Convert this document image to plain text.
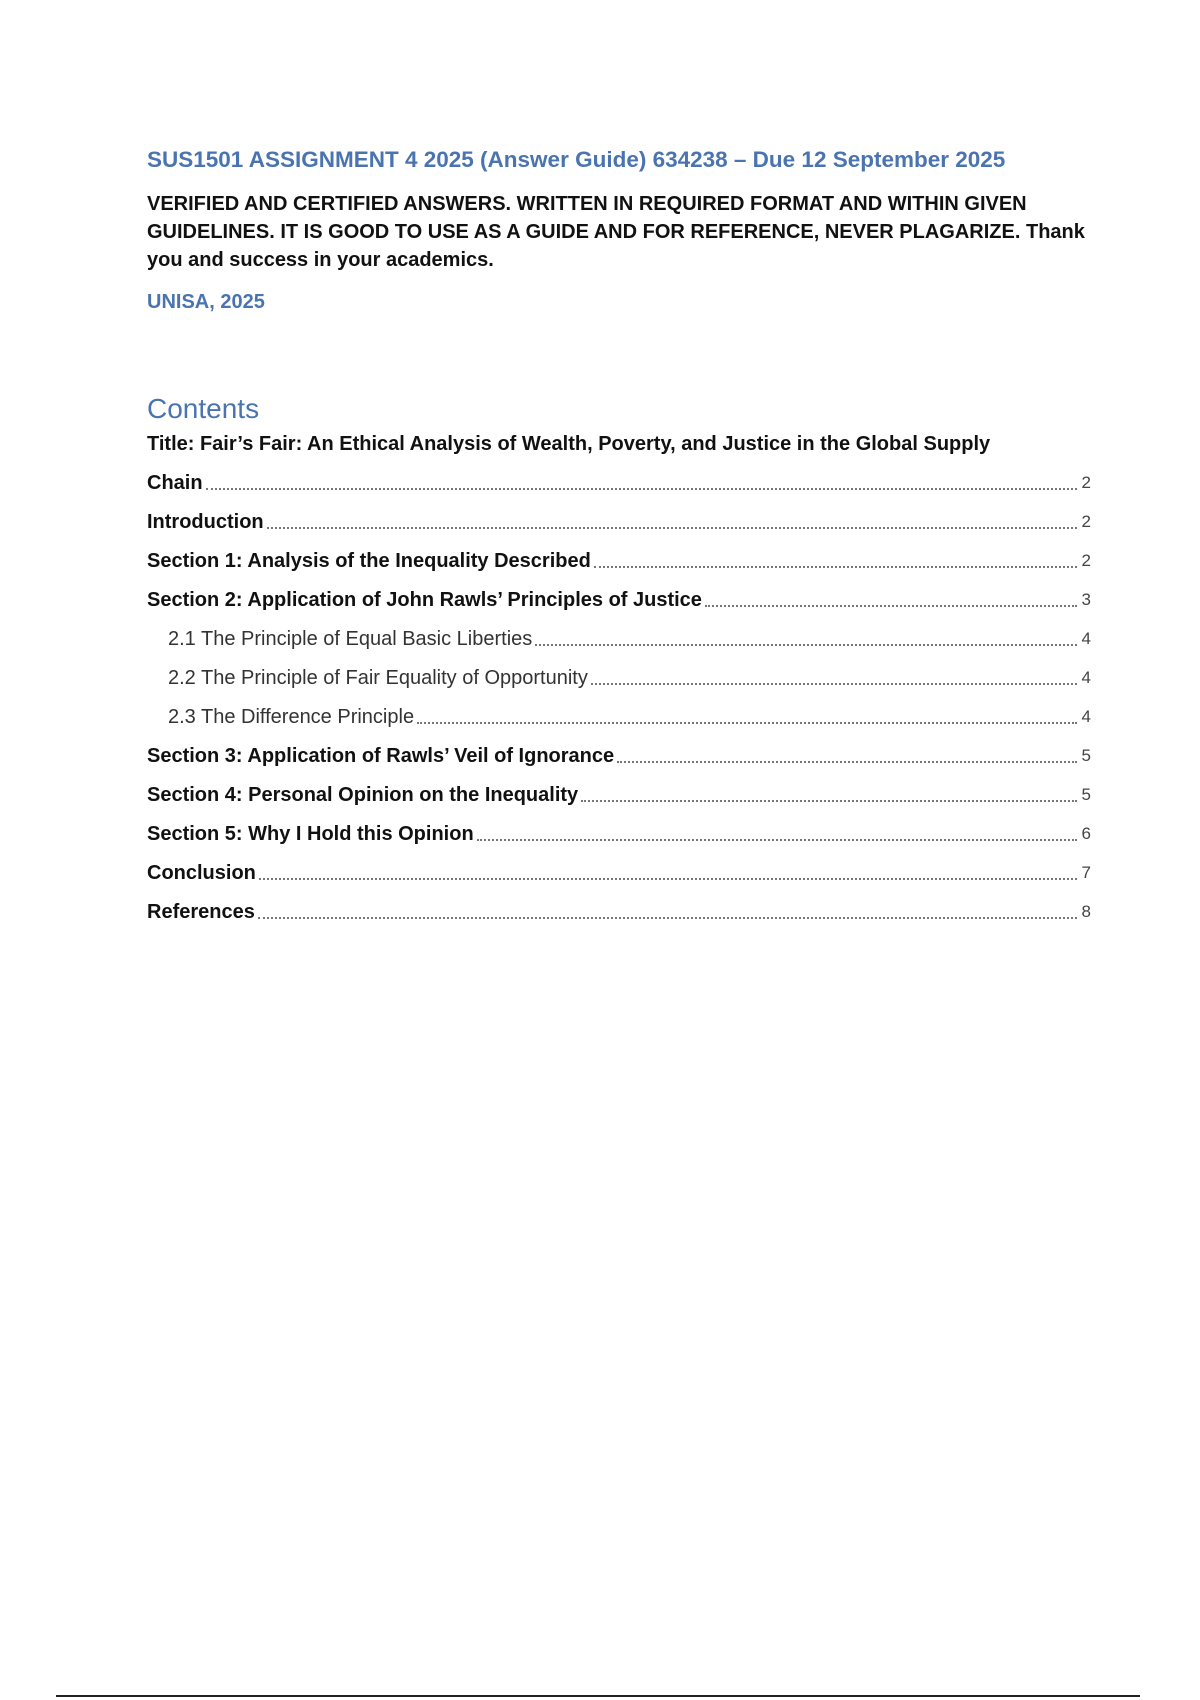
SUS1501 ASSIGNMENT 4 2025 (Answer Guide) 634238 – Due 12 September 2025

VERIFIED AND CERTIFIED ANSWERS. WRITTEN IN REQUIRED FORMAT AND WITHIN GIVEN GUIDELINES. IT IS GOOD TO USE AS A GUIDE AND FOR REFERENCE, NEVER PLAGARIZE. Thank you and success in your academics.

UNISA, 2025

Contents
Title: Fair’s Fair: An Ethical Analysis of Wealth, Poverty, and Justice in the Global Supply
Chain	2
Introduction	2
Section 1: Analysis of the Inequality Described	2
Section 2: Application of John Rawls’ Principles of Justice	3
2.1 The Principle of Equal Basic Liberties	4
2.2 The Principle of Fair Equality of Opportunity	4
2.3 The Difference Principle	4
Section 3: Application of Rawls’ Veil of Ignorance	5
Section 4: Personal Opinion on the Inequality	5
Section 5: Why I Hold this Opinion	6
Conclusion	7
References	8
